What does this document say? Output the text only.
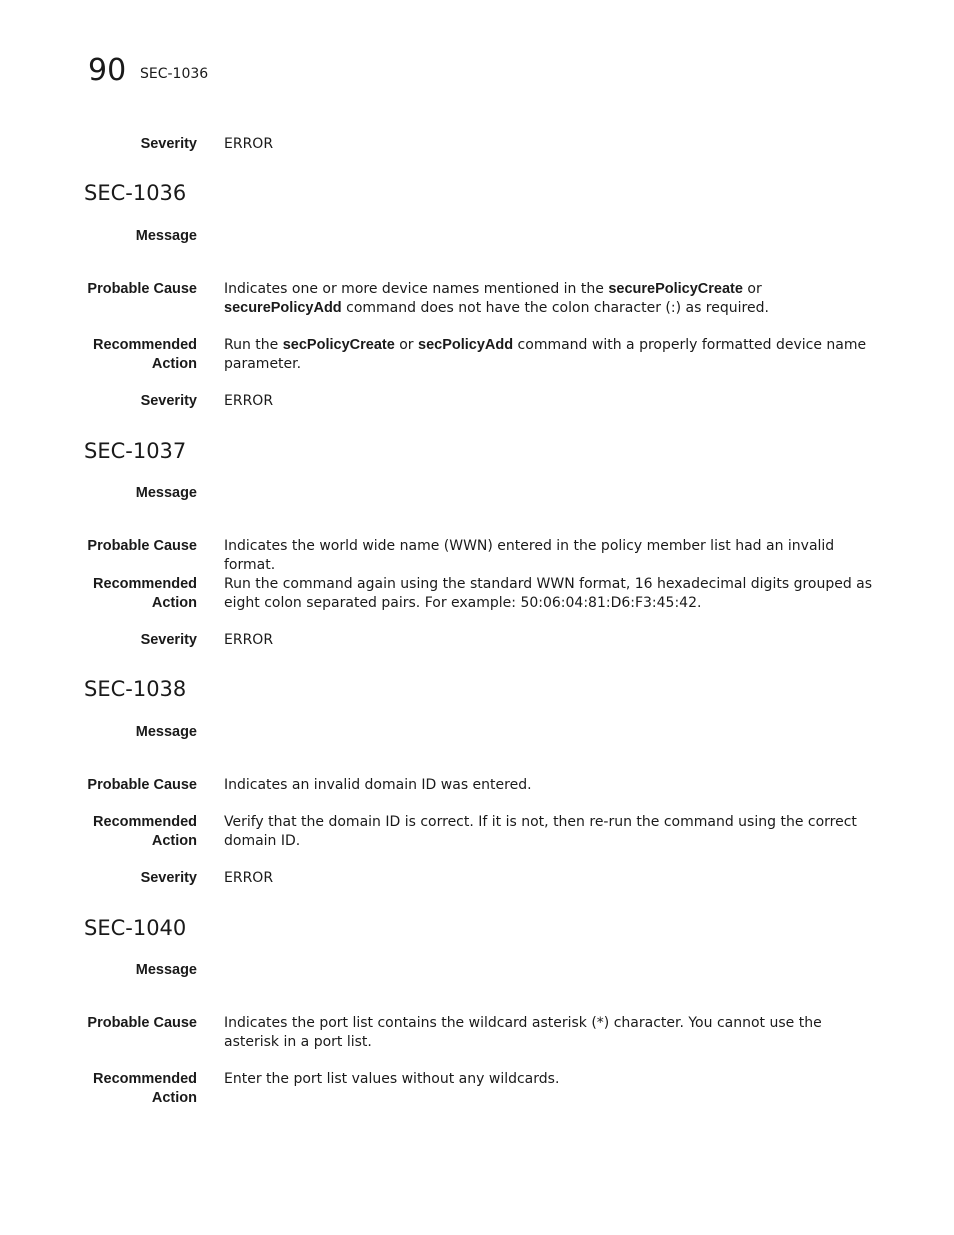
90 SEC-1036
Severity ERROR
SEC-1036
Message
Probable Cause Indicates one or more device names mentioned in the securePolicyCreate or securePolicyAdd command does not have the colon character (:) as required.
Recommended
Action
Run the secPolicyCreate or secPolicyAdd command with a properly formatted device name parameter.
Severity ERROR
SEC-1037
Message
Probable Cause Indicates the world wide name (WWN) entered in the policy member list had an invalid format.
Recommended
Action
Run the command again using the standard WWN format, 16 hexadecimal digits grouped as eight colon separated pairs. For example: 50:06:04:81:D6:F3:45:42.
Severity ERROR
SEC-1038
Message
Probable Cause Indicates an invalid domain ID was entered.
Recommended
Action
Verify that the domain ID is correct. If it is not, then re-run the command using the correct domain ID.
Severity ERROR
SEC-1040
Message
Probable Cause Indicates the port list contains the wildcard asterisk (*) character. You cannot use the asterisk in a port list.
Recommended
Action
Enter the port list values without any wildcards.
